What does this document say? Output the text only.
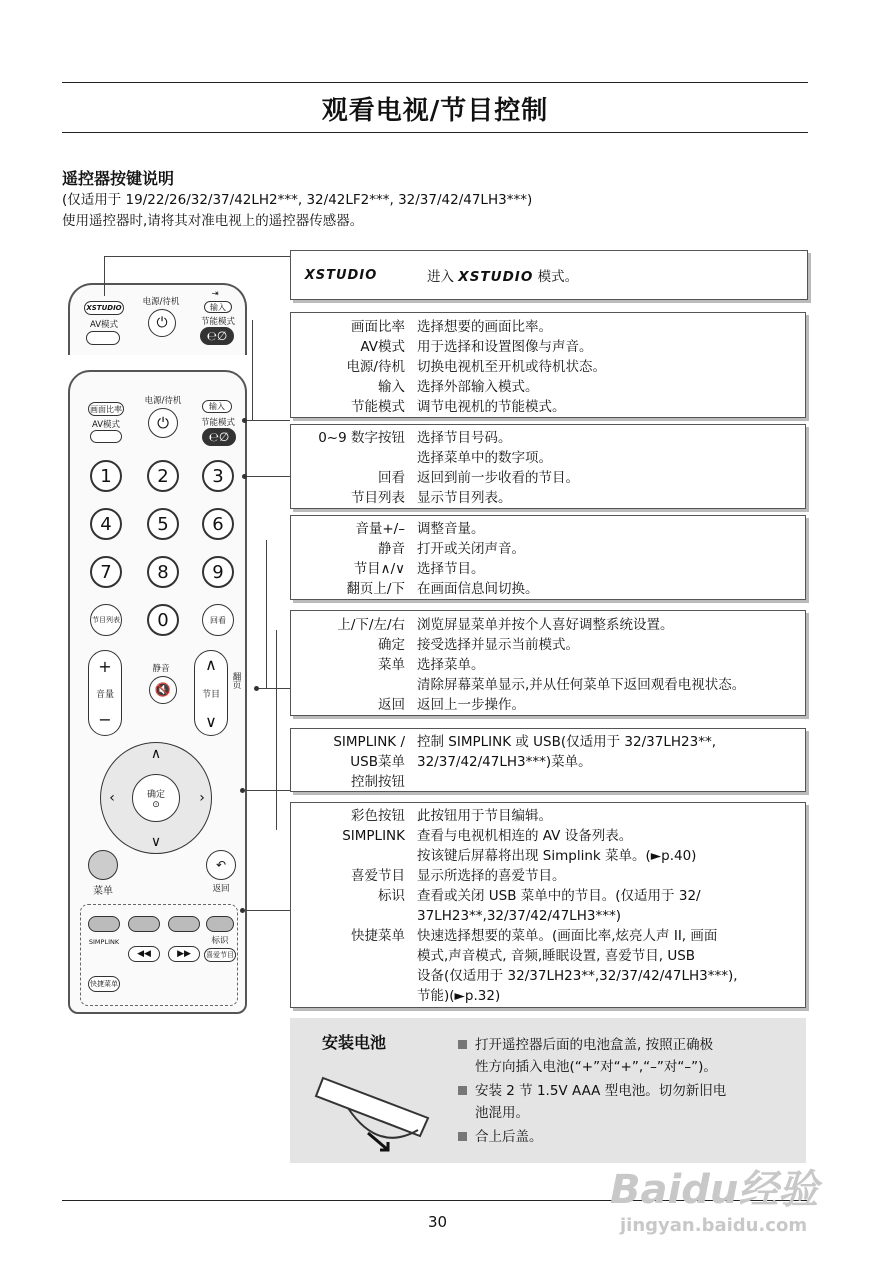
观看电视/节目控制
遥控器按键说明
(仅适用于 19/22/26/32/37/42LH2***, 32/42LF2***, 32/37/42/47LH3***)
使用遥控器时,请将其对准电视上的遥控器传感器。
XSTUDIO
AV模式
电源/待机
⏻
⇥
输入
节能模式
℮∅
画面比率
AV模式
电源/待机
⏻
输入
节能模式
℮∅
1	2	3
4	5	6
7	8	9
节目列表	0	回看
+
音量
−
静音
🔇
∧
节目
∨
翻页
确定
⊙
∧
∨
‹	›
菜单
↶
返回
SIMPLINK
◀◀	▶▶
标识
喜爱节目
快捷菜单
XSTUDIO	进入 XSTUDIO 模式。
画面比率 选择想要的画面比率。
AV模式 用于选择和设置图像与声音。
电源/待机 切换电视机至开机或待机状态。
输入 选择外部输入模式。
节能模式 调节电视机的节能模式。
0~9 数字按钮 选择节目号码。
选择菜单中的数字项。
回看 返回到前一步收看的节目。
节目列表 显示节目列表。
音量+/– 调整音量。
静音 打开或关闭声音。
节目∧/∨ 选择节目。
翻页上/下 在画面信息间切换。
上/下/左/右 浏览屏显菜单并按个人喜好调整系统设置。
确定 接受选择并显示当前模式。
菜单 选择菜单。
清除屏幕菜单显示,并从任何菜单下返回观看电视状态。
返回 返回上一步操作。
SIMPLINK / 控制 SIMPLINK 或 USB(仅适用于 32/37LH23**,
USB菜单 32/37/42/47LH3***)菜单。
控制按钮
彩色按钮 此按钮用于节目编辑。
SIMPLINK 查看与电视机相连的 AV 设备列表。
按该键后屏幕将出现 Simplink 菜单。(►p.40)
喜爱节目 显示所选择的喜爱节目。
标识 查看或关闭 USB 菜单中的节目。(仅适用于 32/
37LH23**,32/37/42/47LH3***)
快捷菜单 快速选择想要的菜单。(画面比率,炫亮人声 II, 画面
模式,声音模式, 音频,睡眠设置, 喜爱节目, USB
设备(仅适用于 32/37LH23**,32/37/42/47LH3***),
节能)(►p.32)
安装电池	打开遥控器后面的电池盒盖, 按照正确极
性方向插入电池(“+”对“+”,“–”对“–”)。
安装 2 节 1.5V AAA 型电池。切勿新旧电
池混用。
合上后盖。
30
Baidu经验
jingyan.baidu.com
